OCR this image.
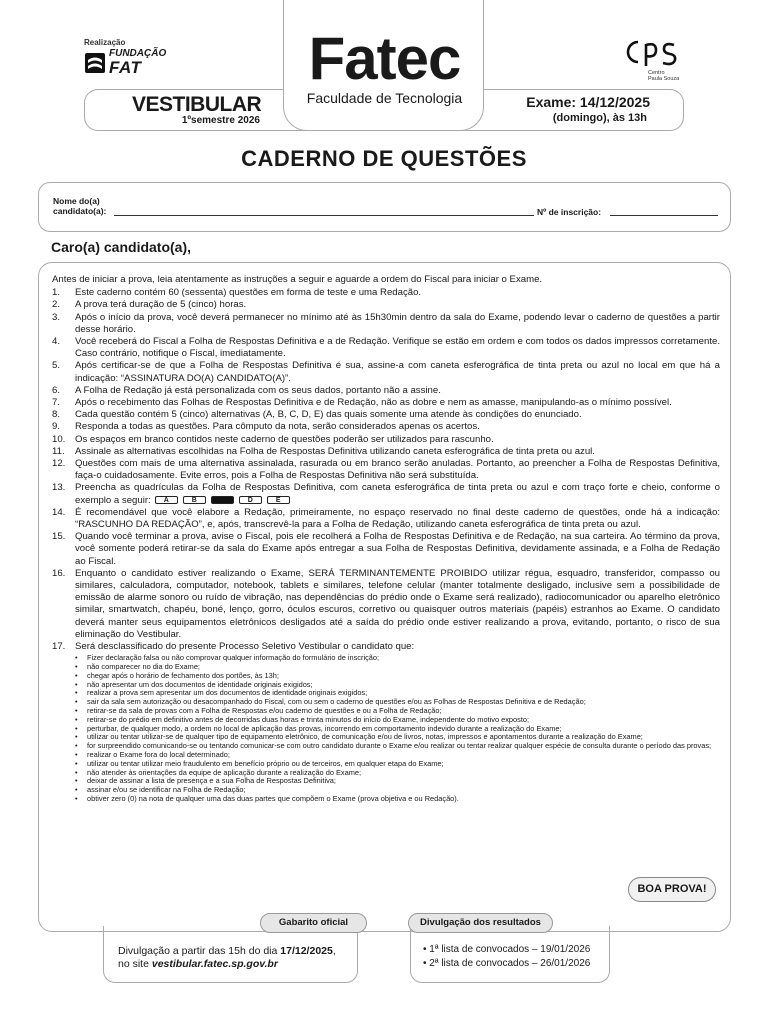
Realização
FUNDAÇÃO
FAT	Centro
Paula Souza
VESTIBULAR
1ºsemestre 2026
Exame: 14/12/2025
(domingo), às 13h
Fatec
Faculdade de Tecnologia
CADERNO DE QUESTÕES
Nome do(a)
candidato(a):	Nº de inscrição:
Caro(a) candidato(a),
Antes de iniciar a prova, leia atentamente as instruções a seguir e aguarde a ordem do Fiscal para iniciar o Exame.
1.	Este caderno contém 60 (sessenta) questões em forma de teste e uma Redação.
2.	A prova terá duração de 5 (cinco) horas.
3.	Após o início da prova, você deverá permanecer no mínimo até às 15h30min dentro da sala do Exame, podendo levar o caderno de questões a partir desse horário.
4.	Você receberá do Fiscal a Folha de Respostas Definitiva e a de Redação. Verifique se estão em ordem e com todos os dados impressos corretamente. Caso contrário, notifique o Fiscal, imediatamente.
5.	Após certificar-se de que a Folha de Respostas Definitiva é sua, assine-a com caneta esferográfica de tinta preta ou azul no local em que há a indicação: “ASSINATURA DO(A) CANDIDATO(A)”.
6.	A Folha de Redação já está personalizada com os seus dados, portanto não a assine.
7.	Após o recebimento das Folhas de Respostas Definitiva e de Redação, não as dobre e nem as amasse, manipulando-as o mínimo possível.
8.	Cada questão contém 5 (cinco) alternativas (A, B, C, D, E) das quais somente uma atende às condições do enunciado.
9.	Responda a todas as questões. Para cômputo da nota, serão considerados apenas os acertos.
10.	Os espaços em branco contidos neste caderno de questões poderão ser utilizados para rascunho.
11.	Assinale as alternativas escolhidas na Folha de Respostas Definitiva utilizando caneta esferográfica de tinta preta ou azul.
12.	Questões com mais de uma alternativa assinalada, rasurada ou em branco serão anuladas. Portanto, ao preencher a Folha de Respostas Definitiva, faça-o cuidadosamente. Evite erros, pois a Folha de Respostas Definitiva não será substituída.
13.	Preencha as quadrículas da Folha de Respostas Definitiva, com caneta esferográfica de tinta preta ou azul e com traço forte e cheio, conforme o exemplo a seguir:	A	B	D	E
14.	É recomendável que você elabore a Redação, primeiramente, no espaço reservado no final deste caderno de questões, onde há a indicação: “RASCUNHO DA REDAÇÃO”, e, após, transcrevê-la para a Folha de Redação, utilizando caneta esferográfica de tinta preta ou azul.
15.	Quando você terminar a prova, avise o Fiscal, pois ele recolherá a Folha de Respostas Definitiva e de Redação, na sua carteira. Ao término da prova, você somente poderá retirar-se da sala do Exame após entregar a sua Folha de Respostas Definitiva, devidamente assinada, e a Folha de Redação ao Fiscal.
16.	Enquanto o candidato estiver realizando o Exame, SERÁ TERMINANTEMENTE PROIBIDO utilizar régua, esquadro, transferidor, compasso ou similares, calculadora, computador, notebook, tablets e similares, telefone celular (manter totalmente desligado, inclusive sem a possibilidade de emissão de alarme sonoro ou ruído de vibração, nas dependências do prédio onde o Exame será realizado), radiocomunicador ou aparelho eletrônico similar, smartwatch, chapéu, boné, lenço, gorro, óculos escuros, corretivo ou quaisquer outros materiais (papéis) estranhos ao Exame. O candidato deverá manter seus equipamentos eletrônicos desligados até a saída do prédio onde estiver realizando a prova, evitando, portanto, o risco de sua eliminação do Vestibular.
17.	Será desclassificado do presente Processo Seletivo Vestibular o candidato que:
•	Fizer declaração falsa ou não comprovar qualquer informação do formulário de inscrição;
•	não comparecer no dia do Exame;
•	chegar após o horário de fechamento dos portões, às 13h;
•	não apresentar um dos documentos de identidade originais exigidos;
•	realizar a prova sem apresentar um dos documentos de identidade originais exigidos;
•	sair da sala sem autorização ou desacompanhado do Fiscal, com ou sem o caderno de questões e/ou as Folhas de Respostas Definitiva e de Redação;
•	retirar-se da sala de provas com a Folha de Respostas e/ou caderno de questões e ou a Folha de Redação;
•	retirar-se do prédio em definitivo antes de decorridas duas horas e trinta minutos do início do Exame, independente do motivo exposto;
•	perturbar, de qualquer modo, a ordem no local de aplicação das provas, incorrendo em comportamento indevido durante a realização do Exame;
•	utilizar ou tentar utilizar-se de qualquer tipo de equipamento eletrônico, de comunicação e/ou de livros, notas, impressos e apontamentos durante a realização do Exame;
•	for surpreendido comunicando-se ou tentando comunicar-se com outro candidato durante o Exame e/ou realizar ou tentar realizar qualquer espécie de consulta durante o período das provas;
•	realizar o Exame fora do local determinado;
•	utilizar ou tentar utilizar meio fraudulento em benefício próprio ou de terceiros, em qualquer etapa do Exame;
•	não atender às orientações da equipe de aplicação durante a realização do Exame;
•	deixar de assinar a lista de presença e a sua Folha de Respostas Definitiva;
•	assinar e/ou se identificar na Folha de Redação;
•	obtiver zero (0) na nota de qualquer uma das duas partes que compõem o Exame (prova objetiva e ou Redação).
BOA PROVA!
Gabarito oficial
Divulgação a partir das 15h do dia 17/12/2025, no site vestibular.fatec.sp.gov.br
Divulgação dos resultados
• 1ª lista de convocados – 19/01/2026
• 2ª lista de convocados – 26/01/2026
